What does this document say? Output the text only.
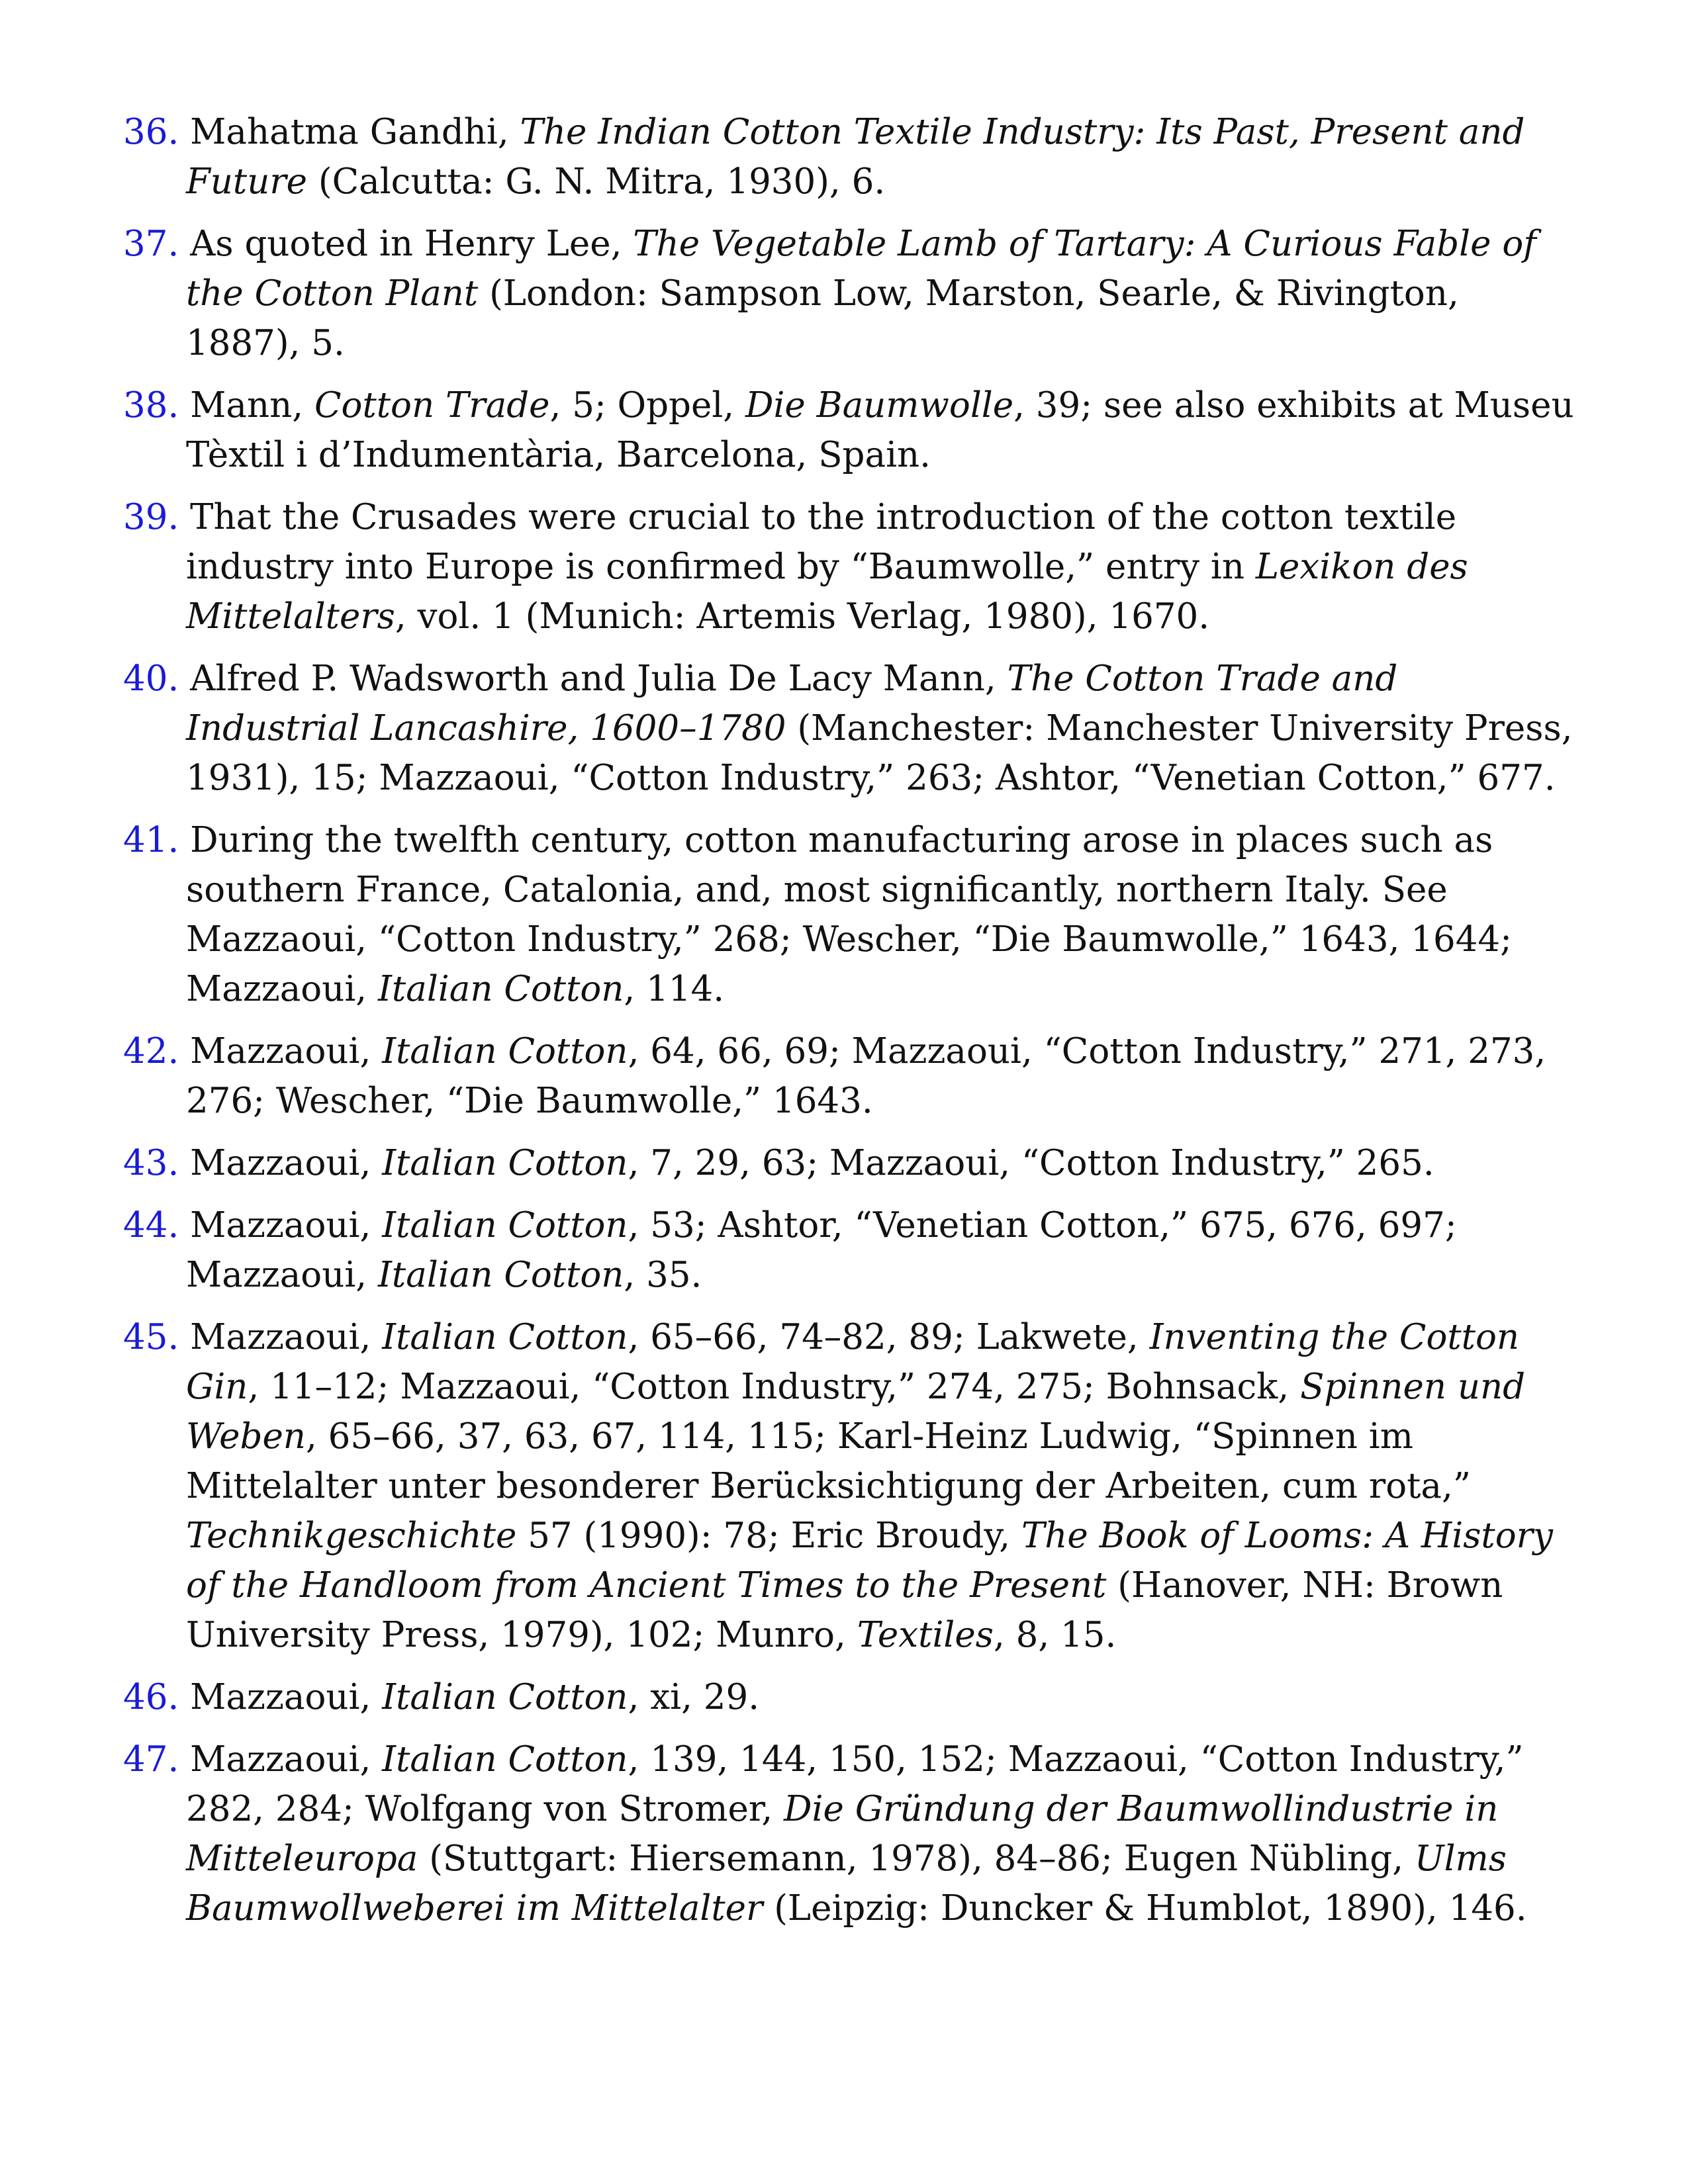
36. Mahatma Gandhi, The Indian Cotton Textile Industry: Its Past, Present and Future (Calcutta: G. N. Mitra, 1930), 6.

37. As quoted in Henry Lee, The Vegetable Lamb of Tartary: A Curious Fable of the Cotton Plant (London: Sampson Low, Marston, Searle, & Rivington, 1887), 5.

38. Mann, Cotton Trade, 5; Oppel, Die Baumwolle, 39; see also exhibits at Museu Tèxtil i d’Indumentària, Barcelona, Spain.

39. That the Crusades were crucial to the introduction of the cotton textile industry into Europe is confirmed by “Baumwolle,” entry in Lexikon des Mittelalters, vol. 1 (Munich: Artemis Verlag, 1980), 1670.

40. Alfred P. Wadsworth and Julia De Lacy Mann, The Cotton Trade and Industrial Lancashire, 1600–1780 (Manchester: Manchester University Press, 1931), 15; Mazzaoui, “Cotton Industry,” 263; Ashtor, “Venetian Cotton,” 677.

41. During the twelfth century, cotton manufacturing arose in places such as southern France, Catalonia, and, most significantly, northern Italy. See Mazzaoui, “Cotton Industry,” 268; Wescher, “Die Baumwolle,” 1643, 1644; Mazzaoui, Italian Cotton, 114.

42. Mazzaoui, Italian Cotton, 64, 66, 69; Mazzaoui, “Cotton Industry,” 271, 273, 276; Wescher, “Die Baumwolle,” 1643.

43. Mazzaoui, Italian Cotton, 7, 29, 63; Mazzaoui, “Cotton Industry,” 265.

44. Mazzaoui, Italian Cotton, 53; Ashtor, “Venetian Cotton,” 675, 676, 697; Mazzaoui, Italian Cotton, 35.

45. Mazzaoui, Italian Cotton, 65–66, 74–82, 89; Lakwete, Inventing the Cotton Gin, 11–12; Mazzaoui, “Cotton Industry,” 274, 275; Bohnsack, Spinnen und Weben, 65–66, 37, 63, 67, 114, 115; Karl-Heinz Ludwig, “Spinnen im Mittelalter unter besonderer Berücksichtigung der Arbeiten, cum rota,” Technikgeschichte 57 (1990): 78; Eric Broudy, The Book of Looms: A History of the Handloom from Ancient Times to the Present (Hanover, NH: Brown University Press, 1979), 102; Munro, Textiles, 8, 15.

46. Mazzaoui, Italian Cotton, xi, 29.

47. Mazzaoui, Italian Cotton, 139, 144, 150, 152; Mazzaoui, “Cotton Industry,” 282, 284; Wolfgang von Stromer, Die Gründung der Baumwollindustrie in Mitteleuropa (Stuttgart: Hiersemann, 1978), 84–86; Eugen Nübling, Ulms Baumwollweberei im Mittelalter (Leipzig: Duncker & Humblot, 1890), 146.
